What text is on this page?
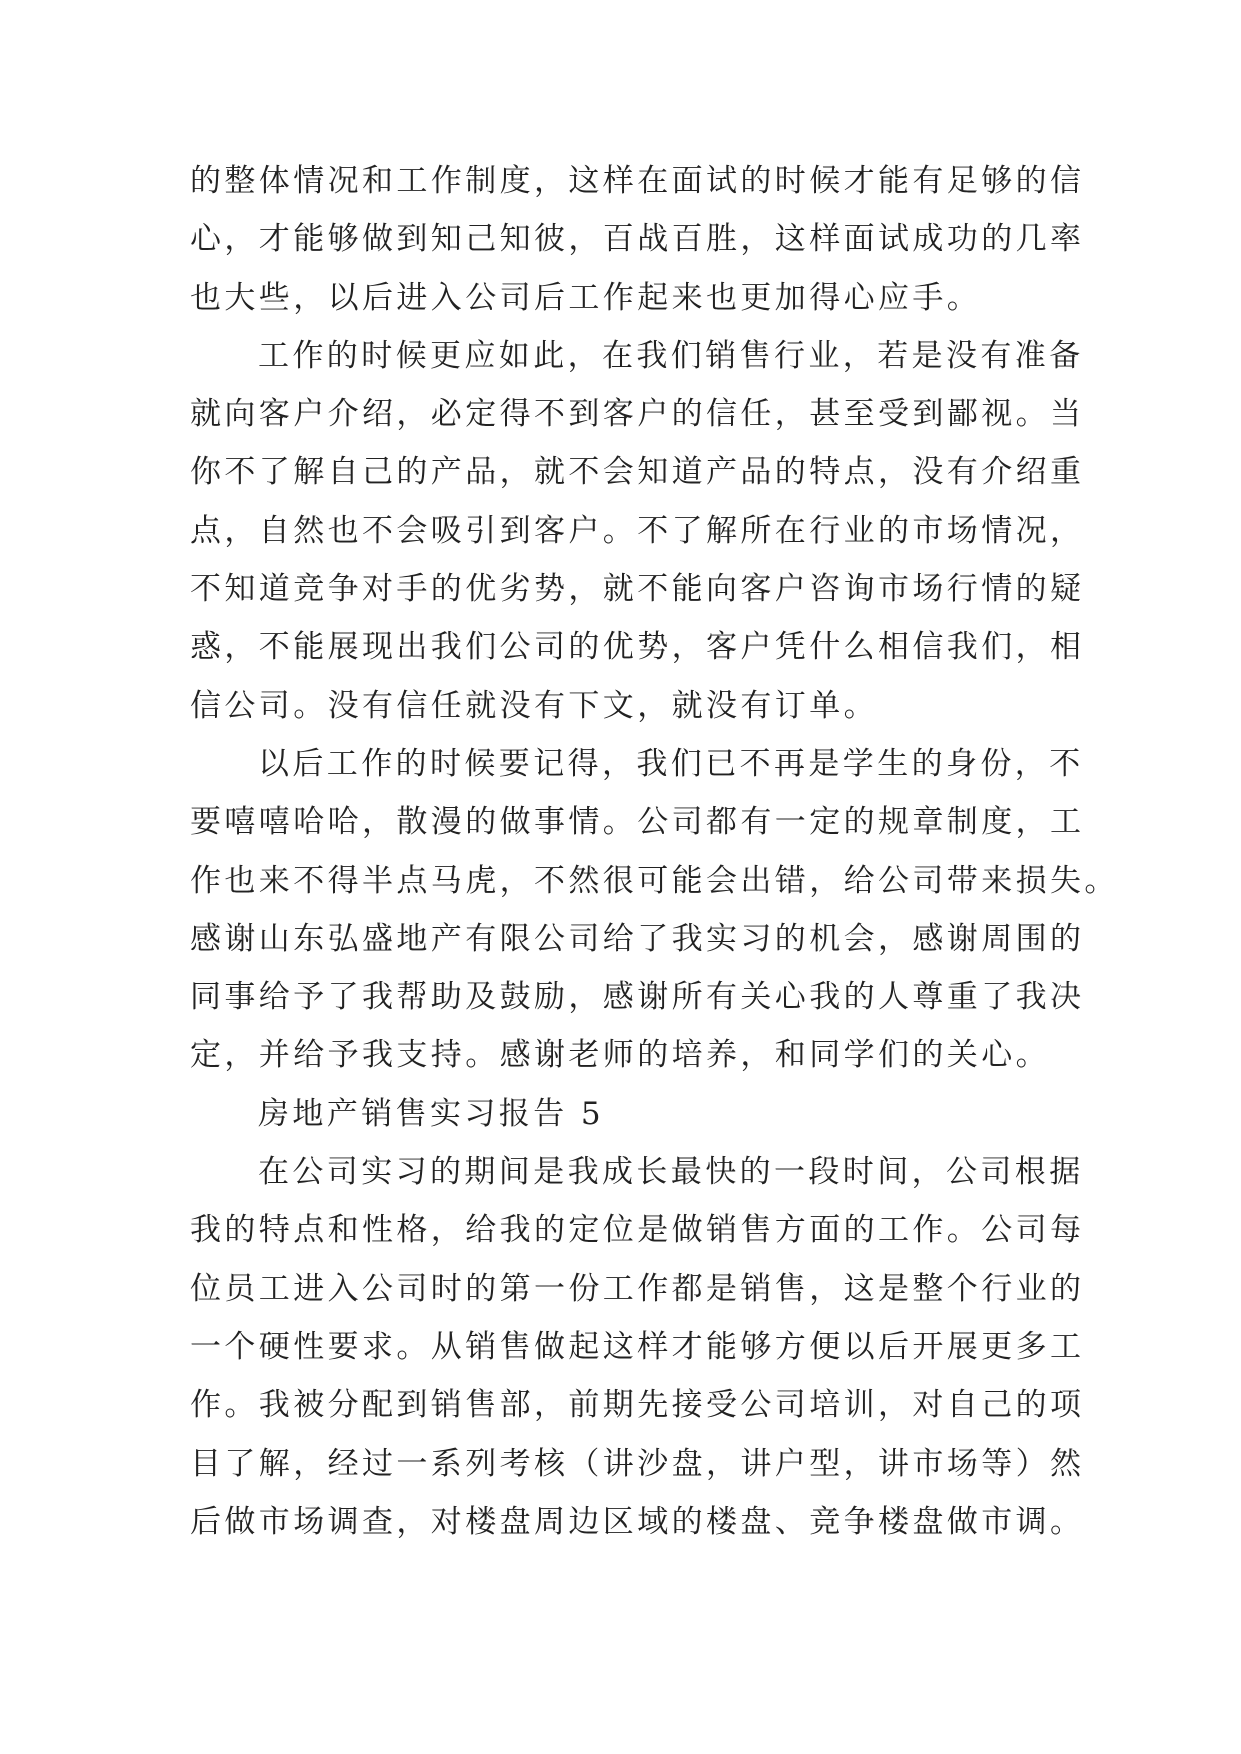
的整体情况和工作制度，这样在面试的时候才能有足够的信
心，才能够做到知己知彼，百战百胜，这样面试成功的几率
也大些，以后进入公司后工作起来也更加得心应手。
工作的时候更应如此，在我们销售行业，若是没有准备
就向客户介绍，必定得不到客户的信任，甚至受到鄙视。当
你不了解自己的产品，就不会知道产品的特点，没有介绍重
点，自然也不会吸引到客户。不了解所在行业的市场情况，
不知道竞争对手的优劣势，就不能向客户咨询市场行情的疑
惑，不能展现出我们公司的优势，客户凭什么相信我们，相
信公司。没有信任就没有下文，就没有订单。
以后工作的时候要记得，我们已不再是学生的身份，不
要嘻嘻哈哈，散漫的做事情。公司都有一定的规章制度，工
作也来不得半点马虎，不然很可能会出错，给公司带来损失。
感谢山东弘盛地产有限公司给了我实习的机会，感谢周围的
同事给予了我帮助及鼓励，感谢所有关心我的人尊重了我决
定，并给予我支持。感谢老师的培养，和同学们的关心。
房地产销售实习报告 5
在公司实习的期间是我成长最快的一段时间，公司根据
我的特点和性格，给我的定位是做销售方面的工作。公司每
位员工进入公司时的第一份工作都是销售，这是整个行业的
一个硬性要求。从销售做起这样才能够方便以后开展更多工
作。我被分配到销售部，前期先接受公司培训，对自己的项
目了解，经过一系列考核（讲沙盘，讲户型，讲市场等）然
后做市场调查，对楼盘周边区域的楼盘、竞争楼盘做市调。
